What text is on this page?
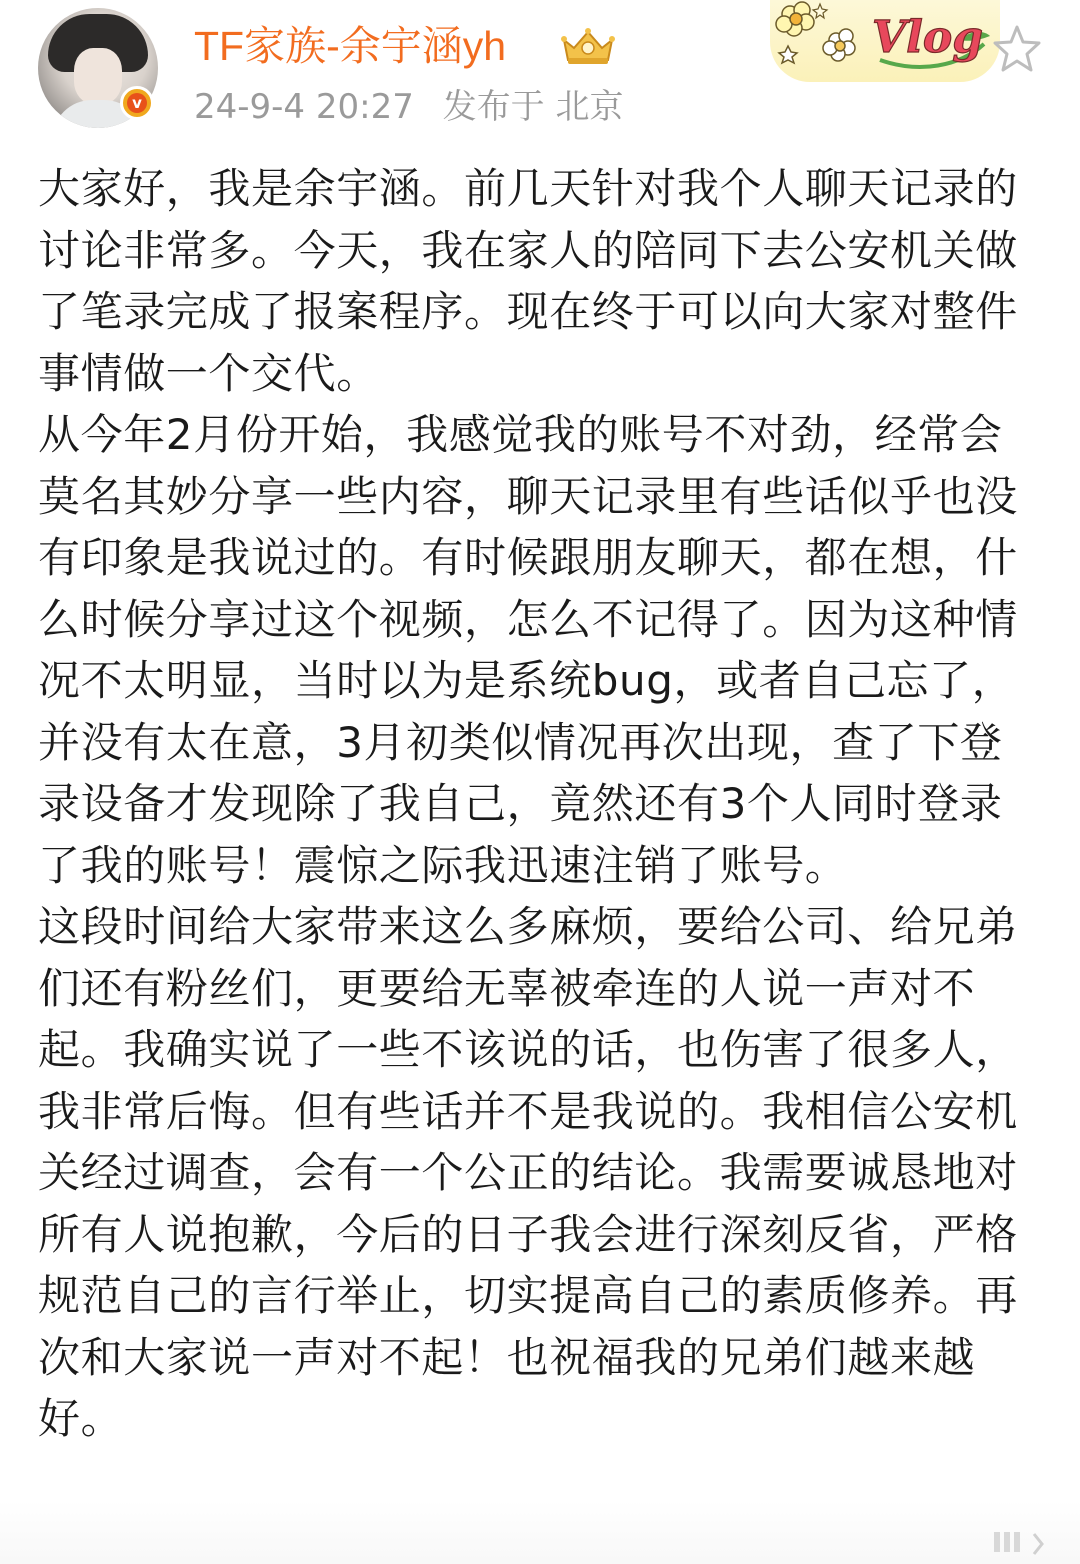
v
TF家族-余宇涵yh
24-9-4 20:27 发布于 北京
Vlog

大家好，我是余宇涵。前几天针对我个人聊天记录的讨论非常多。今天，我在家人的陪同下去公安机关做了笔录完成了报案程序。现在终于可以向大家对整件事情做一个交代。

从今年2月份开始，我感觉我的账号不对劲，经常会莫名其妙分享一些内容，聊天记录里有些话似乎也没有印象是我说过的。有时候跟朋友聊天，都在想，什么时候分享过这个视频，怎么不记得了。因为这种情况不太明显，当时以为是系统bug，或者自己忘了，并没有太在意，3月初类似情况再次出现，查了下登录设备才发现除了我自己，竟然还有3个人同时登录了我的账号！震惊之际我迅速注销了账号。

这段时间给大家带来这么多麻烦，要给公司、给兄弟们还有粉丝们，更要给无辜被牵连的人说一声对不起。我确实说了一些不该说的话，也伤害了很多人，我非常后悔。但有些话并不是我说的。我相信公安机关经过调查，会有一个公正的结论。我需要诚恳地对所有人说抱歉，今后的日子我会进行深刻反省，严格规范自己的言行举止，切实提高自己的素质修养。再次和大家说一声对不起！也祝福我的兄弟们越来越好。
